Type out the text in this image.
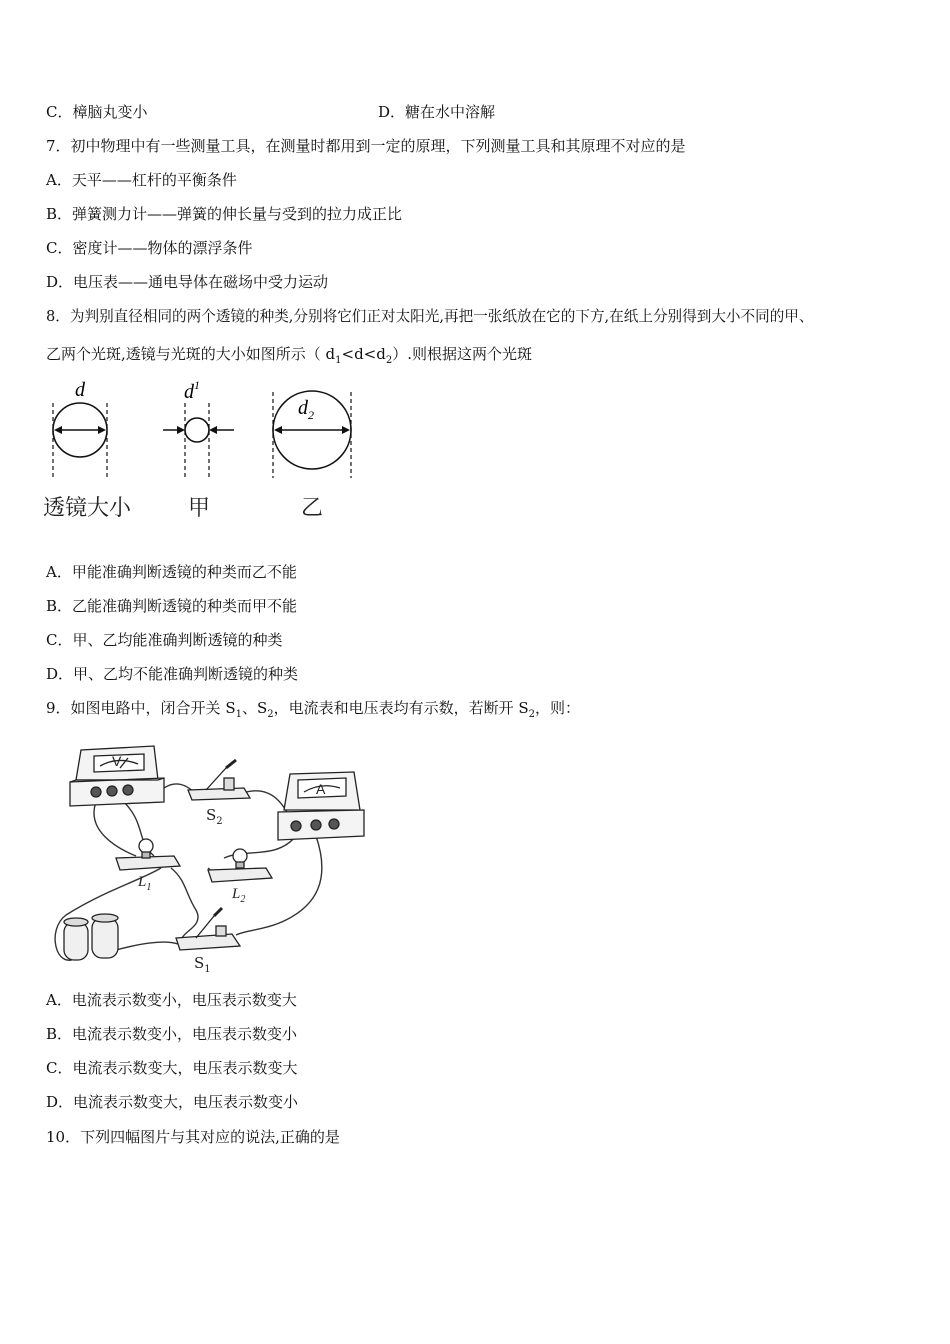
C．樟脑丸变小	D．糖在水中溶解
7．初中物理中有一些测量工具，在测量时都用到一定的原理，下列测量工具和其原理不对应的是
A．天平——杠杆的平衡条件
B．弹簧测力计——弹簧的伸长量与受到的拉力成正比
C．密度计——物体的漂浮条件
D．电压表——通电导体在磁场中受力运动
8．为判别直径相同的两个透镜的种类,分别将它们正对太阳光,再把一张纸放在它的下方,在纸上分别得到大小不同的甲、
乙两个光斑,透镜与光斑的大小如图所示（ $d_1<d<d_2$）.则根据这两个光斑
d	$d^1$
$d_2$
透镜大小	甲	乙
A．甲能准确判断透镜的种类而乙不能
B．乙能准确判断透镜的种类而甲不能
C．甲、乙均能准确判断透镜的种类
D．甲、乙均不能准确判断透镜的种类
9．如图电路中，闭合开关 $S_1$、$S_2$，电流表和电压表均有示数，若断开 $S_2$，则：
V
$S_2$
A
$L_1$	$L_2$
$S_1$
A．电流表示数变小，电压表示数变大
B．电流表示数变小，电压表示数变小
C．电流表示数变大，电压表示数变大
D．电流表示数变大，电压表示数变小
10．下列四幅图片与其对应的说法,正确的是
